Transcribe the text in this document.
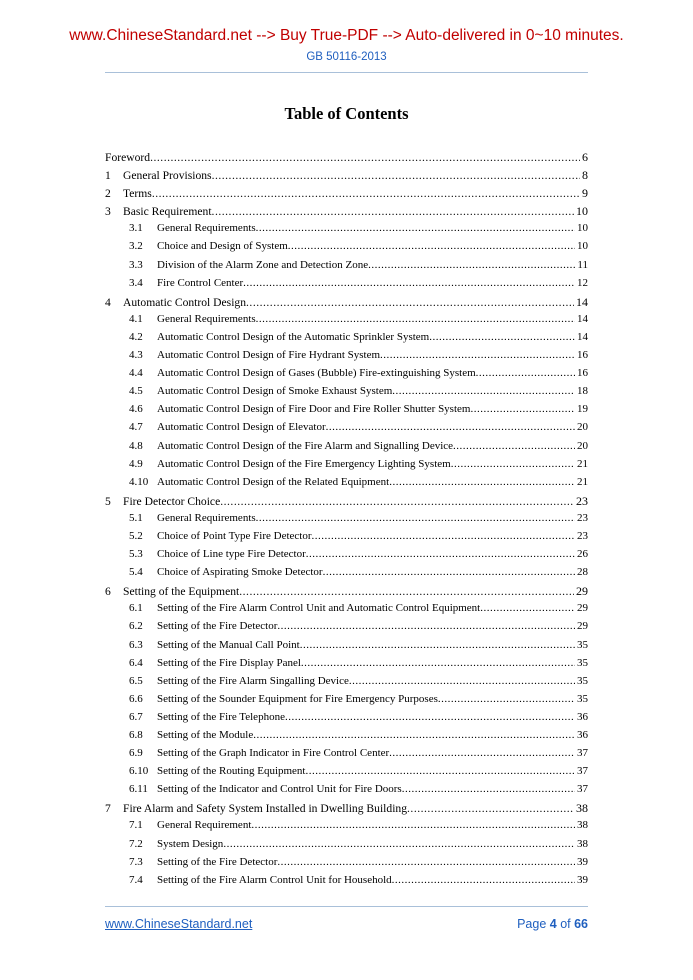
www.ChineseStandard.net --> Buy True-PDF --> Auto-delivered in 0~10 minutes.
GB 50116-2013
Table of Contents
Foreword .....	6
1	General Provisions .....	8
2	Terms .....	9
3	Basic Requirement .....	10
3.1	General Requirements .....	10
3.2	Choice and Design of System .....	10
3.3	Division of the Alarm Zone and Detection Zone .....	11
3.4	Fire Control Center .....	12
4	Automatic Control Design .....	14
4.1	General Requirements .....	14
4.2	Automatic Control Design of the Automatic Sprinkler System .....	14
4.3	Automatic Control Design of Fire Hydrant System .....	16
4.4	Automatic Control Design of Gases (Bubble) Fire-extinguishing System .....	16
4.5	Automatic Control Design of Smoke Exhaust System .....	18
4.6	Automatic Control Design of Fire Door and Fire Roller Shutter System .....	19
4.7	Automatic Control Design of Elevator .....	20
4.8	Automatic Control Design of the Fire Alarm and Signalling Device .....	20
4.9	Automatic Control Design of the Fire Emergency Lighting System .....	21
4.10 Automatic Control Design of the Related Equipment .....	21
5	Fire Detector Choice .....	23
5.1	General Requirements .....	23
5.2	Choice of Point Type Fire Detector .....	23
5.3	Choice of Line type Fire Detector .....	26
5.4	Choice of Aspirating Smoke Detector .....	28
6	Setting of the Equipment .....	29
6.1	Setting of the Fire Alarm Control Unit and Automatic Control Equipment .....	29
6.2	Setting of the Fire Detector .....	29
6.3	Setting of the Manual Call Point .....	35
6.4	Setting of the Fire Display Panel .....	35
6.5	Setting of the Fire Alarm Singalling Device .....	35
6.6	Setting of the Sounder Equipment for Fire Emergency Purposes .....	35
6.7	Setting of the Fire Telephone .....	36
6.8	Setting of the Module .....	36
6.9	Setting of the Graph Indicator in Fire Control Center .....	37
6.10 Setting of the Routing Equipment .....	37
6.11 Setting of the Indicator and Control Unit for Fire Doors .....	37
7	Fire Alarm and Safety System Installed in Dwelling Building .....	38
7.1	General Requirement .....	38
7.2	System Design .....	38
7.3	Setting of the Fire Detector .....	39
7.4	Setting of the Fire Alarm Control Unit for Household .....	39
www.ChineseStandard.net	Page 4 of 66
